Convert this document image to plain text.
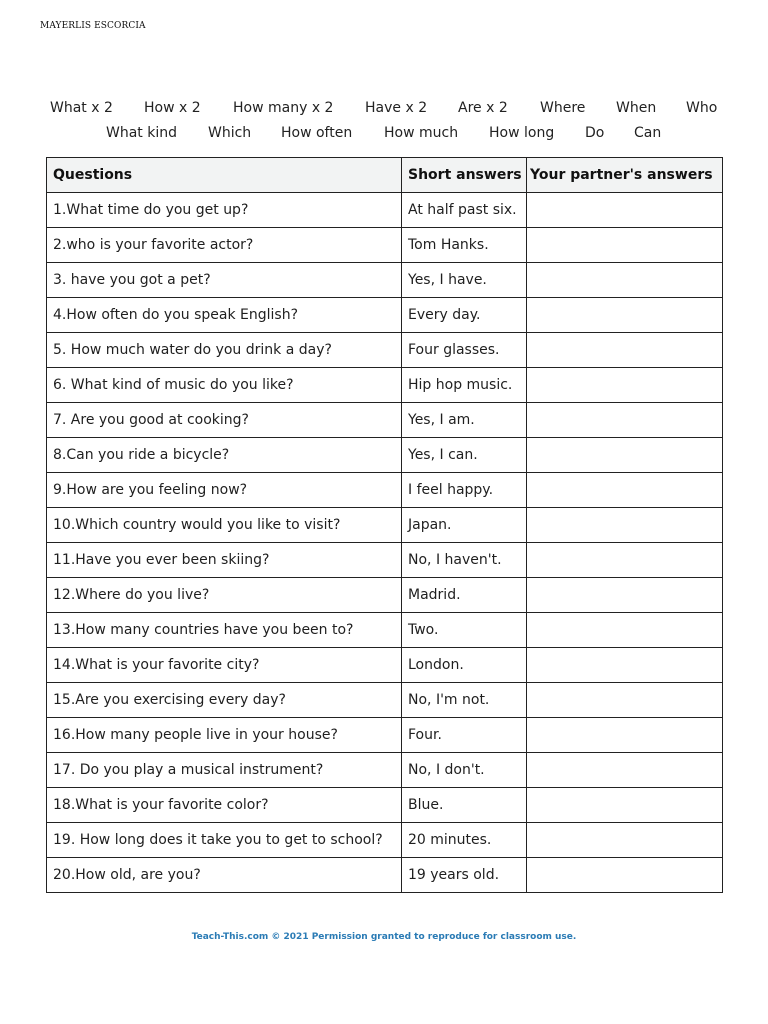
MAYERLIS ESCORCIA
What x 2 How x 2 How many x 2 Have x 2 Are x 2 Where When Who
What kind Which How often How much How long Do Can
Questions	Short answers	Your partner's answers
1.What time do you get up?	At half past six.	
2.who is your favorite actor?	Tom Hanks.	
3. have you got a pet?	Yes, I have.	
4.How often do you speak English?	Every day.	
5. How much water do you drink a day?	Four glasses.	
6. What kind of music do you like?	Hip hop music.	
7. Are you good at cooking?	Yes, I am.	
8.Can you ride a bicycle?	Yes, I can.	
9.How are you feeling now?	I feel happy.	
10.Which country would you like to visit?	Japan.	
11.Have you ever been skiing?	No, I haven't.	
12.Where do you live?	Madrid.	
13.How many countries have you been to?	Two.	
14.What is your favorite city?	London.	
15.Are you exercising every day?	No, I'm not.	
16.How many people live in your house?	Four.	
17. Do you play a musical instrument?	No, I don't.	
18.What is your favorite color?	Blue.	
19. How long does it take you to get to school?	20 minutes.	
20.How old, are you?	19 years old.	
Teach-This.com © 2021 Permission granted to reproduce for classroom use.
